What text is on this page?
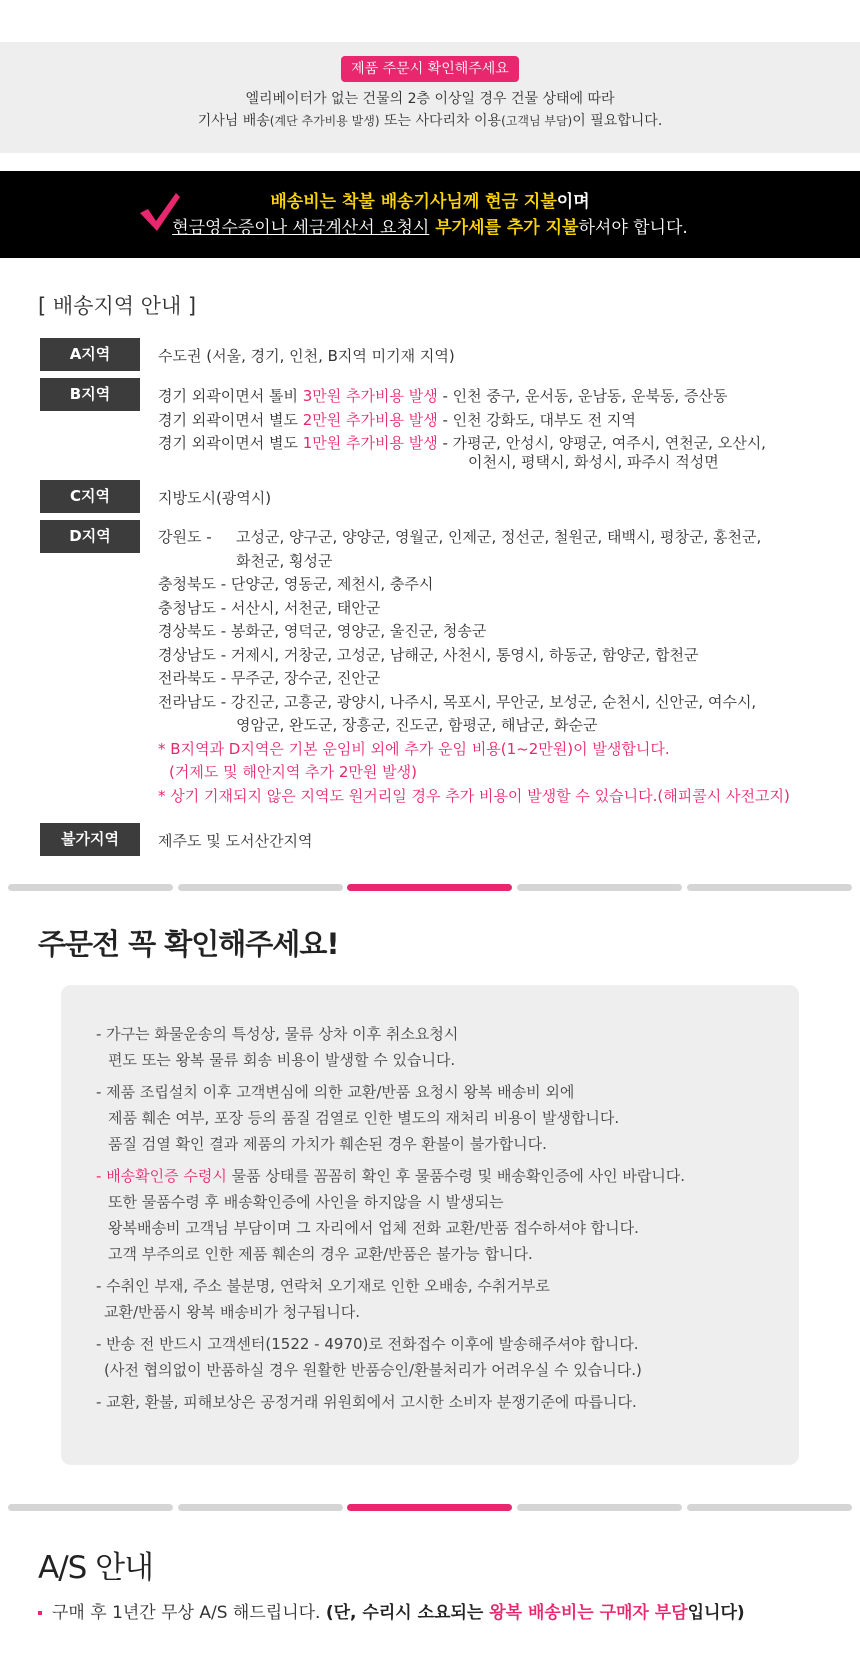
제품 주문시 확인해주세요
엘리베이터가 없는 건물의 2층 이상일 경우 건물 상태에 따라
기사님 배송(계단 추가비용 발생) 또는 사다리차 이용(고객님 부담)이 필요합니다.
배송비는 착불 배송기사님께 현금 지불이며
현금영수증이나 세금계산서 요청시 부가세를 추가 지불하셔야 합니다.
[ 배송지역 안내 ]
A지역	수도권 (서울, 경기, 인천, B지역 미기재 지역)
B지역	경기 외곽이면서 톨비 3만원 추가비용 발생 - 인천 중구, 운서동, 운남동, 운북동, 증산동
경기 외곽이면서 별도 2만원 추가비용 발생 - 인천 강화도, 대부도 전 지역
경기 외곽이면서 별도 1만원 추가비용 발생 - 가평군, 안성시, 양평군, 여주시, 연천군, 오산시,
이천시, 평택시, 화성시, 파주시 적성면
C지역	지방도시(광역시)
D지역	강원도 - 고성군, 양구군, 양양군, 영월군, 인제군, 정선군, 철원군, 태백시, 평창군, 홍천군,
화천군, 횡성군
충청북도 - 단양군, 영동군, 제천시, 충주시
충청남도 - 서산시, 서천군, 태안군
경상북도 - 봉화군, 영덕군, 영양군, 울진군, 청송군
경상남도 - 거제시, 거창군, 고성군, 남해군, 사천시, 통영시, 하동군, 함양군, 합천군
전라북도 - 무주군, 장수군, 진안군
전라남도 - 강진군, 고흥군, 광양시, 나주시, 목포시, 무안군, 보성군, 순천시, 신안군, 여수시,
영암군, 완도군, 장흥군, 진도군, 함평군, 해남군, 화순군
* B지역과 D지역은 기본 운임비 외에 추가 운임 비용(1~2만원)이 발생합니다.
(거제도 및 해안지역 추가 2만원 발생)
* 상기 기재되지 않은 지역도 원거리일 경우 추가 비용이 발생할 수 있습니다.(해피콜시 사전고지)
불가지역	제주도 및 도서산간지역
주문전 꼭 확인해주세요!
- 가구는 화물운송의 특성상, 물류 상차 이후 취소요청시
편도 또는 왕복 물류 회송 비용이 발생할 수 있습니다.
- 제품 조립설치 이후 고객변심에 의한 교환/반품 요청시 왕복 배송비 외에
제품 훼손 여부, 포장 등의 품질 검열로 인한 별도의 재처리 비용이 발생합니다.
품질 검열 확인 결과 제품의 가치가 훼손된 경우 환불이 불가합니다.
- 배송확인증 수령시 물품 상태를 꼼꼼히 확인 후 물품수령 및 배송확인증에 사인 바랍니다.
또한 물품수령 후 배송확인증에 사인을 하지않을 시 발생되는
왕복배송비 고객님 부담이며 그 자리에서 업체 전화 교환/반품 접수하셔야 합니다.
고객 부주의로 인한 제품 훼손의 경우 교환/반품은 불가능 합니다.
- 수취인 부재, 주소 불분명, 연락처 오기재로 인한 오배송, 수취거부로
교환/반품시 왕복 배송비가 청구됩니다.
- 반송 전 반드시 고객센터(1522 - 4970)로 전화접수 이후에 발송해주셔야 합니다.
(사전 협의없이 반품하실 경우 원활한 반품승인/환불처리가 어려우실 수 있습니다.)
- 교환, 환불, 피해보상은 공정거래 위원회에서 고시한 소비자 분쟁기준에 따릅니다.
A/S 안내
구매 후 1년간 무상 A/S 해드립니다. (단, 수리시 소요되는 왕복 배송비는 구매자 부담입니다)
